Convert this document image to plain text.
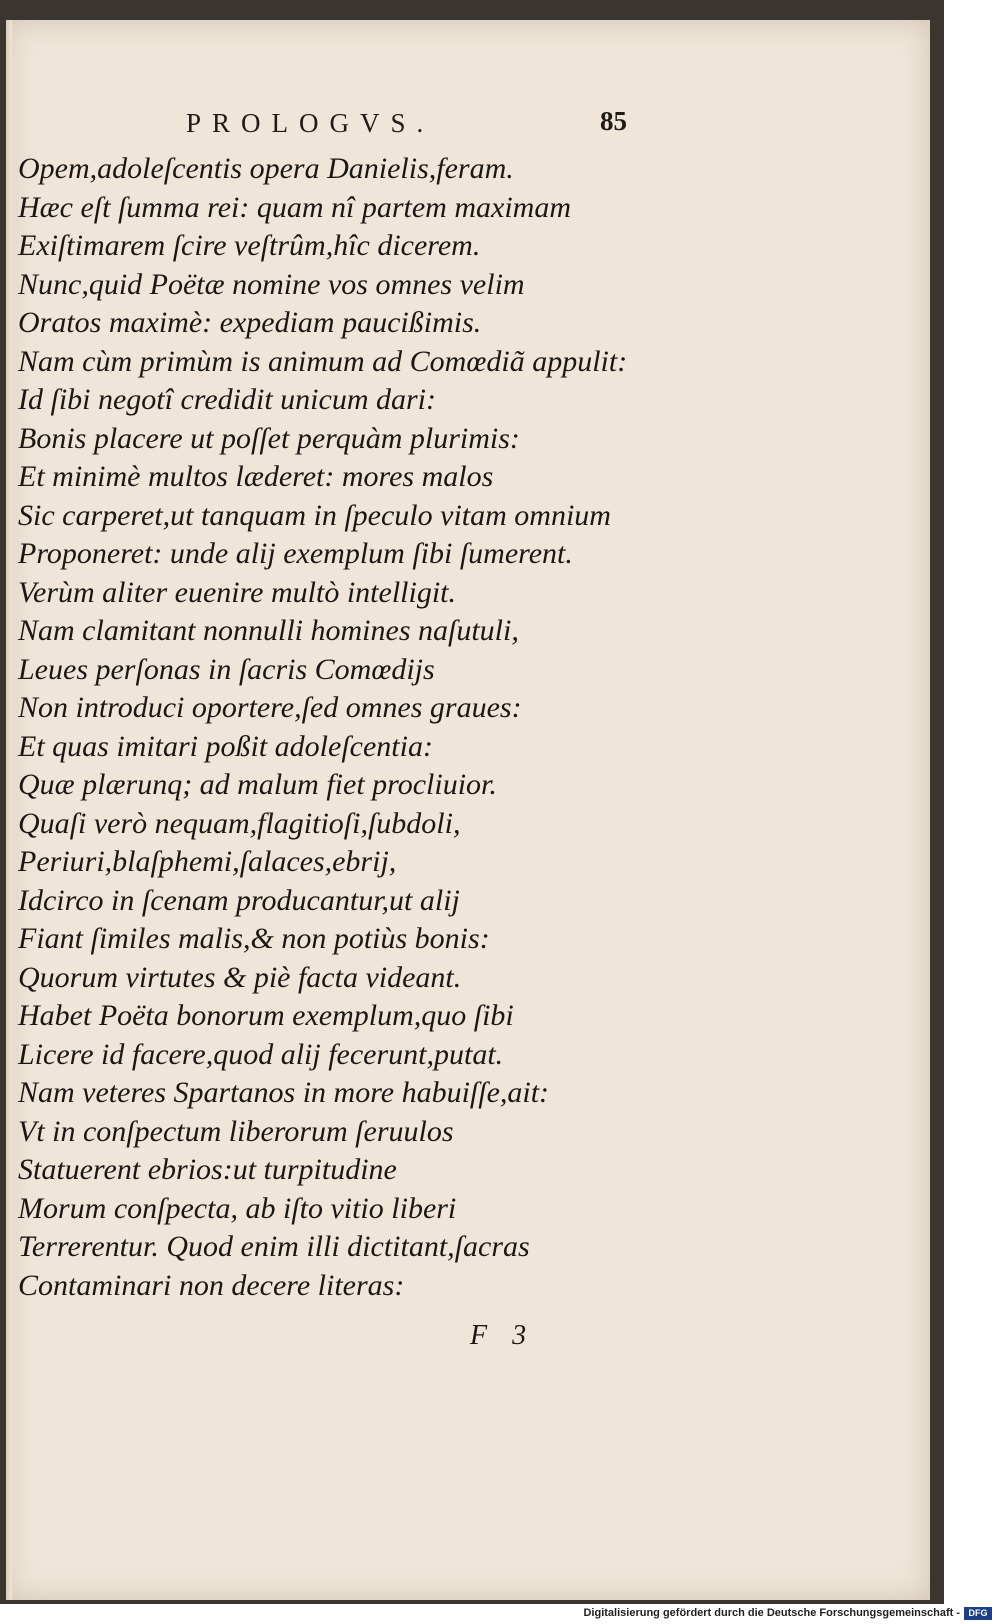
PROLOGVS.	85
Opem,adoleſcentis opera Danielis,feram.
Hæc eſt ſumma rei: quam nî partem maximam
Exiſtimarem ſcire veſtrûm,hîc dicerem.
Nunc,quid Poëtæ nomine vos omnes velim
Oratos maximè: expediam paucißimis.
Nam cùm primùm is animum ad Comœdiã appulit:
Id ſibi negotî credidit unicum dari:
Bonis placere ut poſſet perquàm plurimis:
Et minimè multos læderet: mores malos
Sic carperet,ut tanquam in ſpeculo vitam omnium
Proponeret: unde alij exemplum ſibi ſumerent.
Verùm aliter euenire multò intelligit.
Nam clamitant nonnulli homines naſutuli,
Leues perſonas in ſacris Comœdijs
Non introduci oportere,ſed omnes graues:
Et quas imitari poßit adoleſcentia:
Quæ plærunq; ad malum fiet procliuior.
Quaſi verò nequam,flagitioſi,ſubdoli,
Periuri,blaſphemi,ſalaces,ebrij,
Idcirco in ſcenam producantur,ut alij
Fiant ſimiles malis,& non potiùs bonis:
Quorum virtutes & piè facta videant.
Habet Poëta bonorum exemplum,quo ſibi
Licere id facere,quod alij fecerunt,putat.
Nam veteres Spartanos in more habuiſſe,ait:
Vt in conſpectum liberorum ſeruulos
Statuerent ebrios:ut turpitudine
Morum conſpecta, ab iſto vitio liberi
Terrerentur. Quod enim illi dictitant,ſacras
Contaminari non decere literas:
F 3
Digitalisierung gefördert durch die Deutsche Forschungsgemeinschaft - DFG
